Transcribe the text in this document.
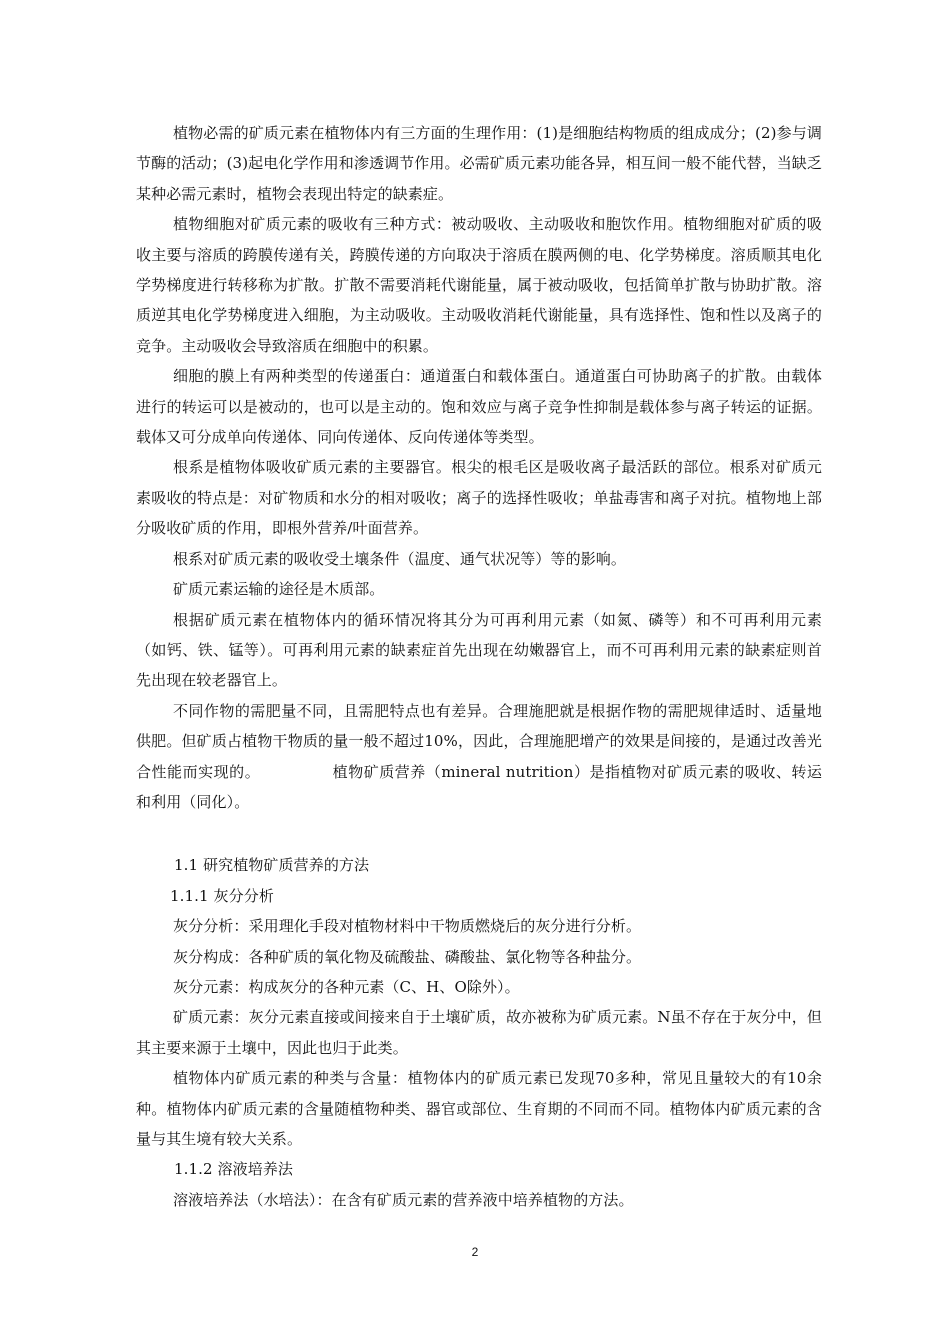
植物必需的矿质元素在植物体内有三方面的生理作用：(1)是细胞结构物质的组成成分；(2)参与调节酶的活动；(3)起电化学作用和渗透调节作用。必需矿质元素功能各异，相互间一般不能代替，当缺乏某种必需元素时，植物会表现出特定的缺素症。

植物细胞对矿质元素的吸收有三种方式：被动吸收、主动吸收和胞饮作用。植物细胞对矿质的吸收主要与溶质的跨膜传递有关，跨膜传递的方向取决于溶质在膜两侧的电、化学势梯度。溶质顺其电化学势梯度进行转移称为扩散。扩散不需要消耗代谢能量，属于被动吸收，包括简单扩散与协助扩散。溶质逆其电化学势梯度进入细胞，为主动吸收。主动吸收消耗代谢能量，具有选择性、饱和性以及离子的竞争。主动吸收会导致溶质在细胞中的积累。

细胞的膜上有两种类型的传递蛋白：通道蛋白和载体蛋白。通道蛋白可协助离子的扩散。由载体进行的转运可以是被动的，也可以是主动的。饱和效应与离子竞争性抑制是载体参与离子转运的证据。载体又可分成单向传递体、同向传递体、反向传递体等类型。

根系是植物体吸收矿质元素的主要器官。根尖的根毛区是吸收离子最活跃的部位。根系对矿质元素吸收的特点是：对矿物质和水分的相对吸收；离子的选择性吸收；单盐毒害和离子对抗。植物地上部分吸收矿质的作用，即根外营养/叶面营养。

根系对矿质元素的吸收受土壤条件（温度、通气状况等）等的影响。

矿质元素运输的途径是木质部。

根据矿质元素在植物体内的循环情况将其分为可再利用元素（如氮、磷等）和不可再利用元素（如钙、铁、锰等）。可再利用元素的缺素症首先出现在幼嫩器官上，而不可再利用元素的缺素症则首先出现在较老器官上。

不同作物的需肥量不同，且需肥特点也有差异。合理施肥就是根据作物的需肥规律适时、适量地供肥。但矿质占植物干物质的量一般不超过10%，因此，合理施肥增产的效果是间接的，是通过改善光合性能而实现的。	植物矿质营养（mineral nutrition）是指植物对矿质元素的吸收、转运和利用（同化）。

1.1 研究植物矿质营养的方法

1.1.1 灰分分析

灰分分析：采用理化手段对植物材料中干物质燃烧后的灰分进行分析。

灰分构成：各种矿质的氧化物及硫酸盐、磷酸盐、氯化物等各种盐分。

灰分元素：构成灰分的各种元素（C、H、O除外）。

矿质元素：灰分元素直接或间接来自于土壤矿质，故亦被称为矿质元素。N虽不存在于灰分中，但其主要来源于土壤中，因此也归于此类。

植物体内矿质元素的种类与含量：植物体内的矿质元素已发现70多种，常见且量较大的有10余种。植物体内矿质元素的含量随植物种类、器官或部位、生育期的不同而不同。植物体内矿质元素的含量与其生境有较大关系。

1.1.2 溶液培养法

溶液培养法（水培法）：在含有矿质元素的营养液中培养植物的方法。

2
